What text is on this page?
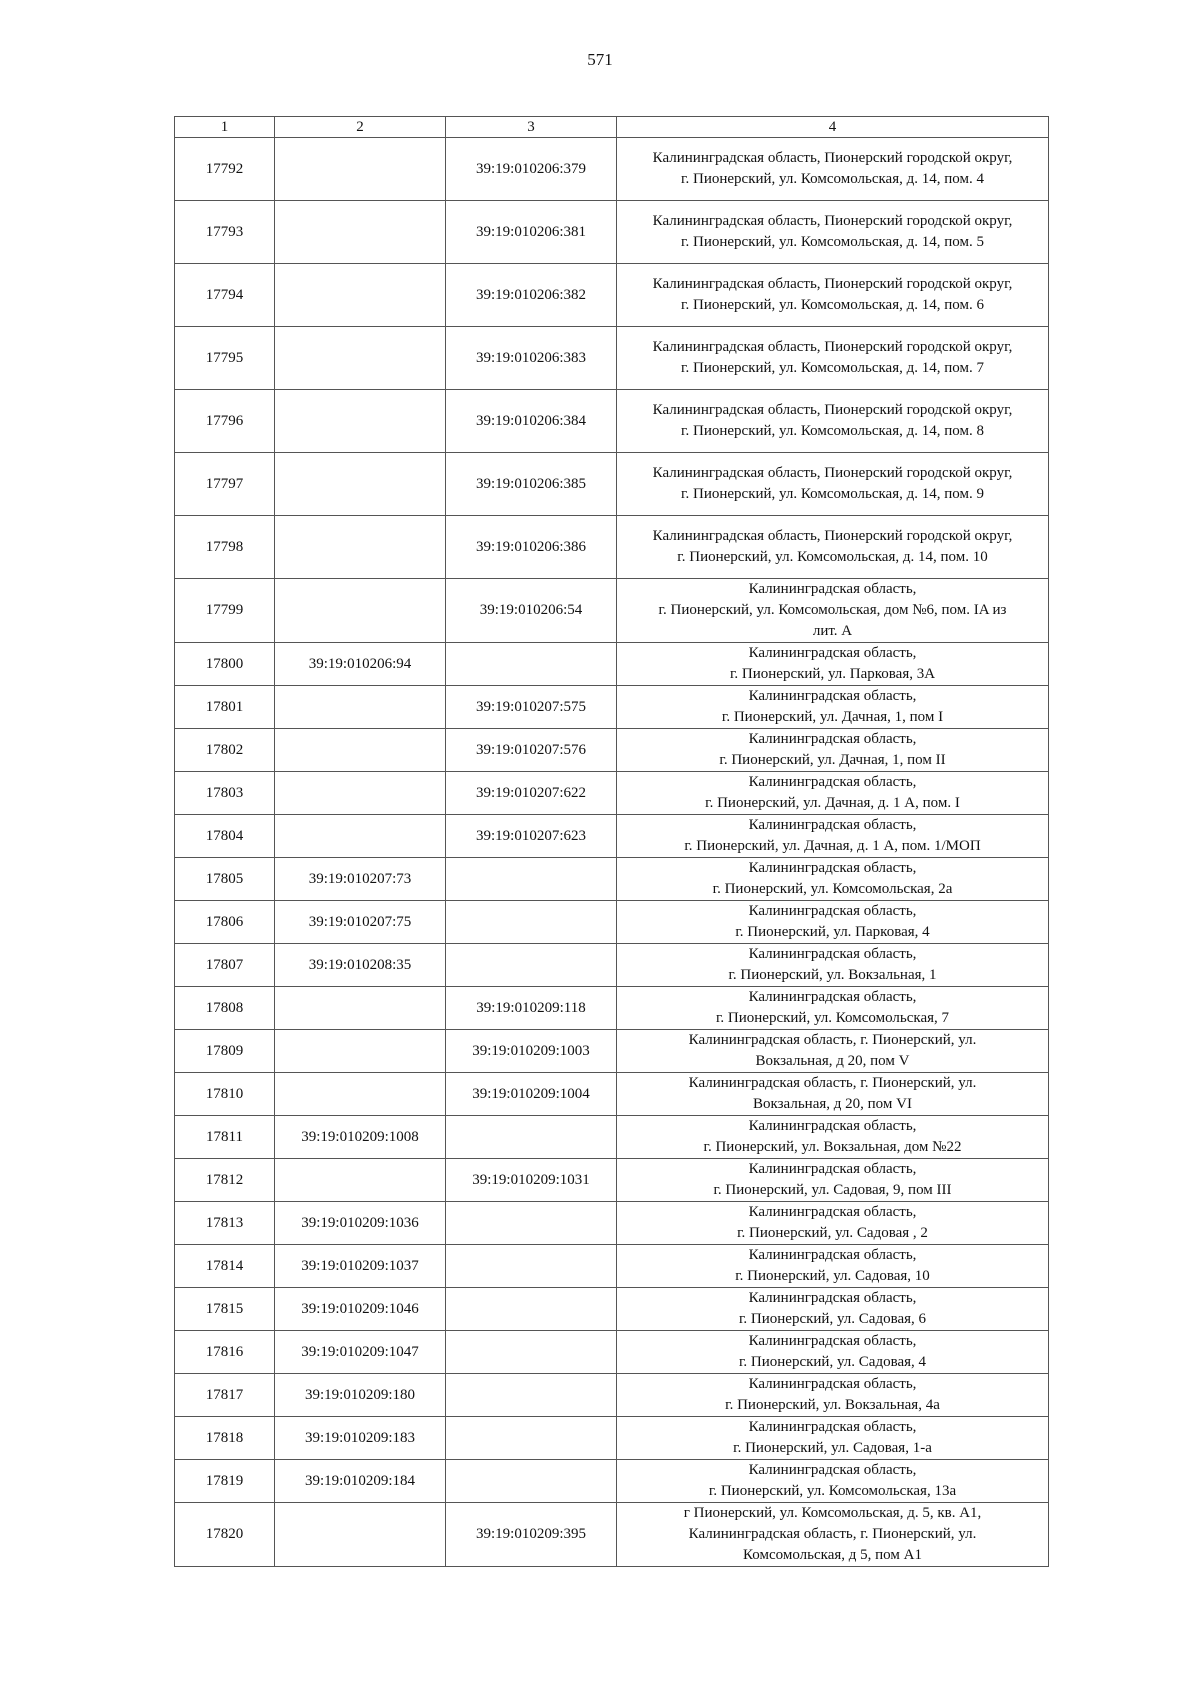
571
1	2	3	4
17792		39:19:010206:379	Калининградская область, Пионерский городской округ,
г. Пионерский, ул. Комсомольская, д. 14, пом. 4
17793		39:19:010206:381	Калининградская область, Пионерский городской округ,
г. Пионерский, ул. Комсомольская, д. 14, пом. 5
17794		39:19:010206:382	Калининградская область, Пионерский городской округ,
г. Пионерский, ул. Комсомольская, д. 14, пом. 6
17795		39:19:010206:383	Калининградская область, Пионерский городской округ,
г. Пионерский, ул. Комсомольская, д. 14, пом. 7
17796		39:19:010206:384	Калининградская область, Пионерский городской округ,
г. Пионерский, ул. Комсомольская, д. 14, пом. 8
17797		39:19:010206:385	Калининградская область, Пионерский городской округ,
г. Пионерский, ул. Комсомольская, д. 14, пом. 9
17798		39:19:010206:386	Калининградская область, Пионерский городской округ,
г. Пионерский, ул. Комсомольская, д. 14, пом. 10
17799		39:19:010206:54	Калининградская область,
г. Пионерский, ул. Комсомольская, дом №6, пом. IA из
лит. А
17800	39:19:010206:94		Калининградская область,
г. Пионерский, ул. Парковая, 3А
17801		39:19:010207:575	Калининградская область,
г. Пионерский, ул. Дачная, 1, пом I
17802		39:19:010207:576	Калининградская область,
г. Пионерский, ул. Дачная, 1, пом II
17803		39:19:010207:622	Калининградская область,
г. Пионерский, ул. Дачная, д. 1 А, пом. I
17804		39:19:010207:623	Калининградская область,
г. Пионерский, ул. Дачная, д. 1 А, пом. 1/МОП
17805	39:19:010207:73		Калининградская область,
г. Пионерский, ул. Комсомольская, 2а
17806	39:19:010207:75		Калининградская область,
г. Пионерский, ул. Парковая, 4
17807	39:19:010208:35		Калининградская область,
г. Пионерский, ул. Вокзальная, 1
17808		39:19:010209:118	Калининградская область,
г. Пионерский, ул. Комсомольская, 7
17809		39:19:010209:1003	Калининградская область, г. Пионерский, ул.
Вокзальная, д 20, пом V
17810		39:19:010209:1004	Калининградская область, г. Пионерский, ул.
Вокзальная, д 20, пом VI
17811	39:19:010209:1008		Калининградская область,
г. Пионерский, ул. Вокзальная, дом №22
17812		39:19:010209:1031	Калининградская область,
г. Пионерский, ул. Садовая, 9, пом III
17813	39:19:010209:1036		Калининградская область,
г. Пионерский, ул. Садовая , 2
17814	39:19:010209:1037		Калининградская область,
г. Пионерский, ул. Садовая, 10
17815	39:19:010209:1046		Калининградская область,
г. Пионерский, ул. Садовая, 6
17816	39:19:010209:1047		Калининградская область,
г. Пионерский, ул. Садовая, 4
17817	39:19:010209:180		Калининградская область,
г. Пионерский, ул. Вокзальная, 4а
17818	39:19:010209:183		Калининградская область,
г. Пионерский, ул. Садовая, 1-а
17819	39:19:010209:184		Калининградская область,
г. Пионерский, ул. Комсомольская, 13а
17820		39:19:010209:395	г Пионерский, ул. Комсомольская, д. 5, кв. А1,
Калининградская область, г. Пионерский, ул.
Комсомольская, д 5, пом А1
